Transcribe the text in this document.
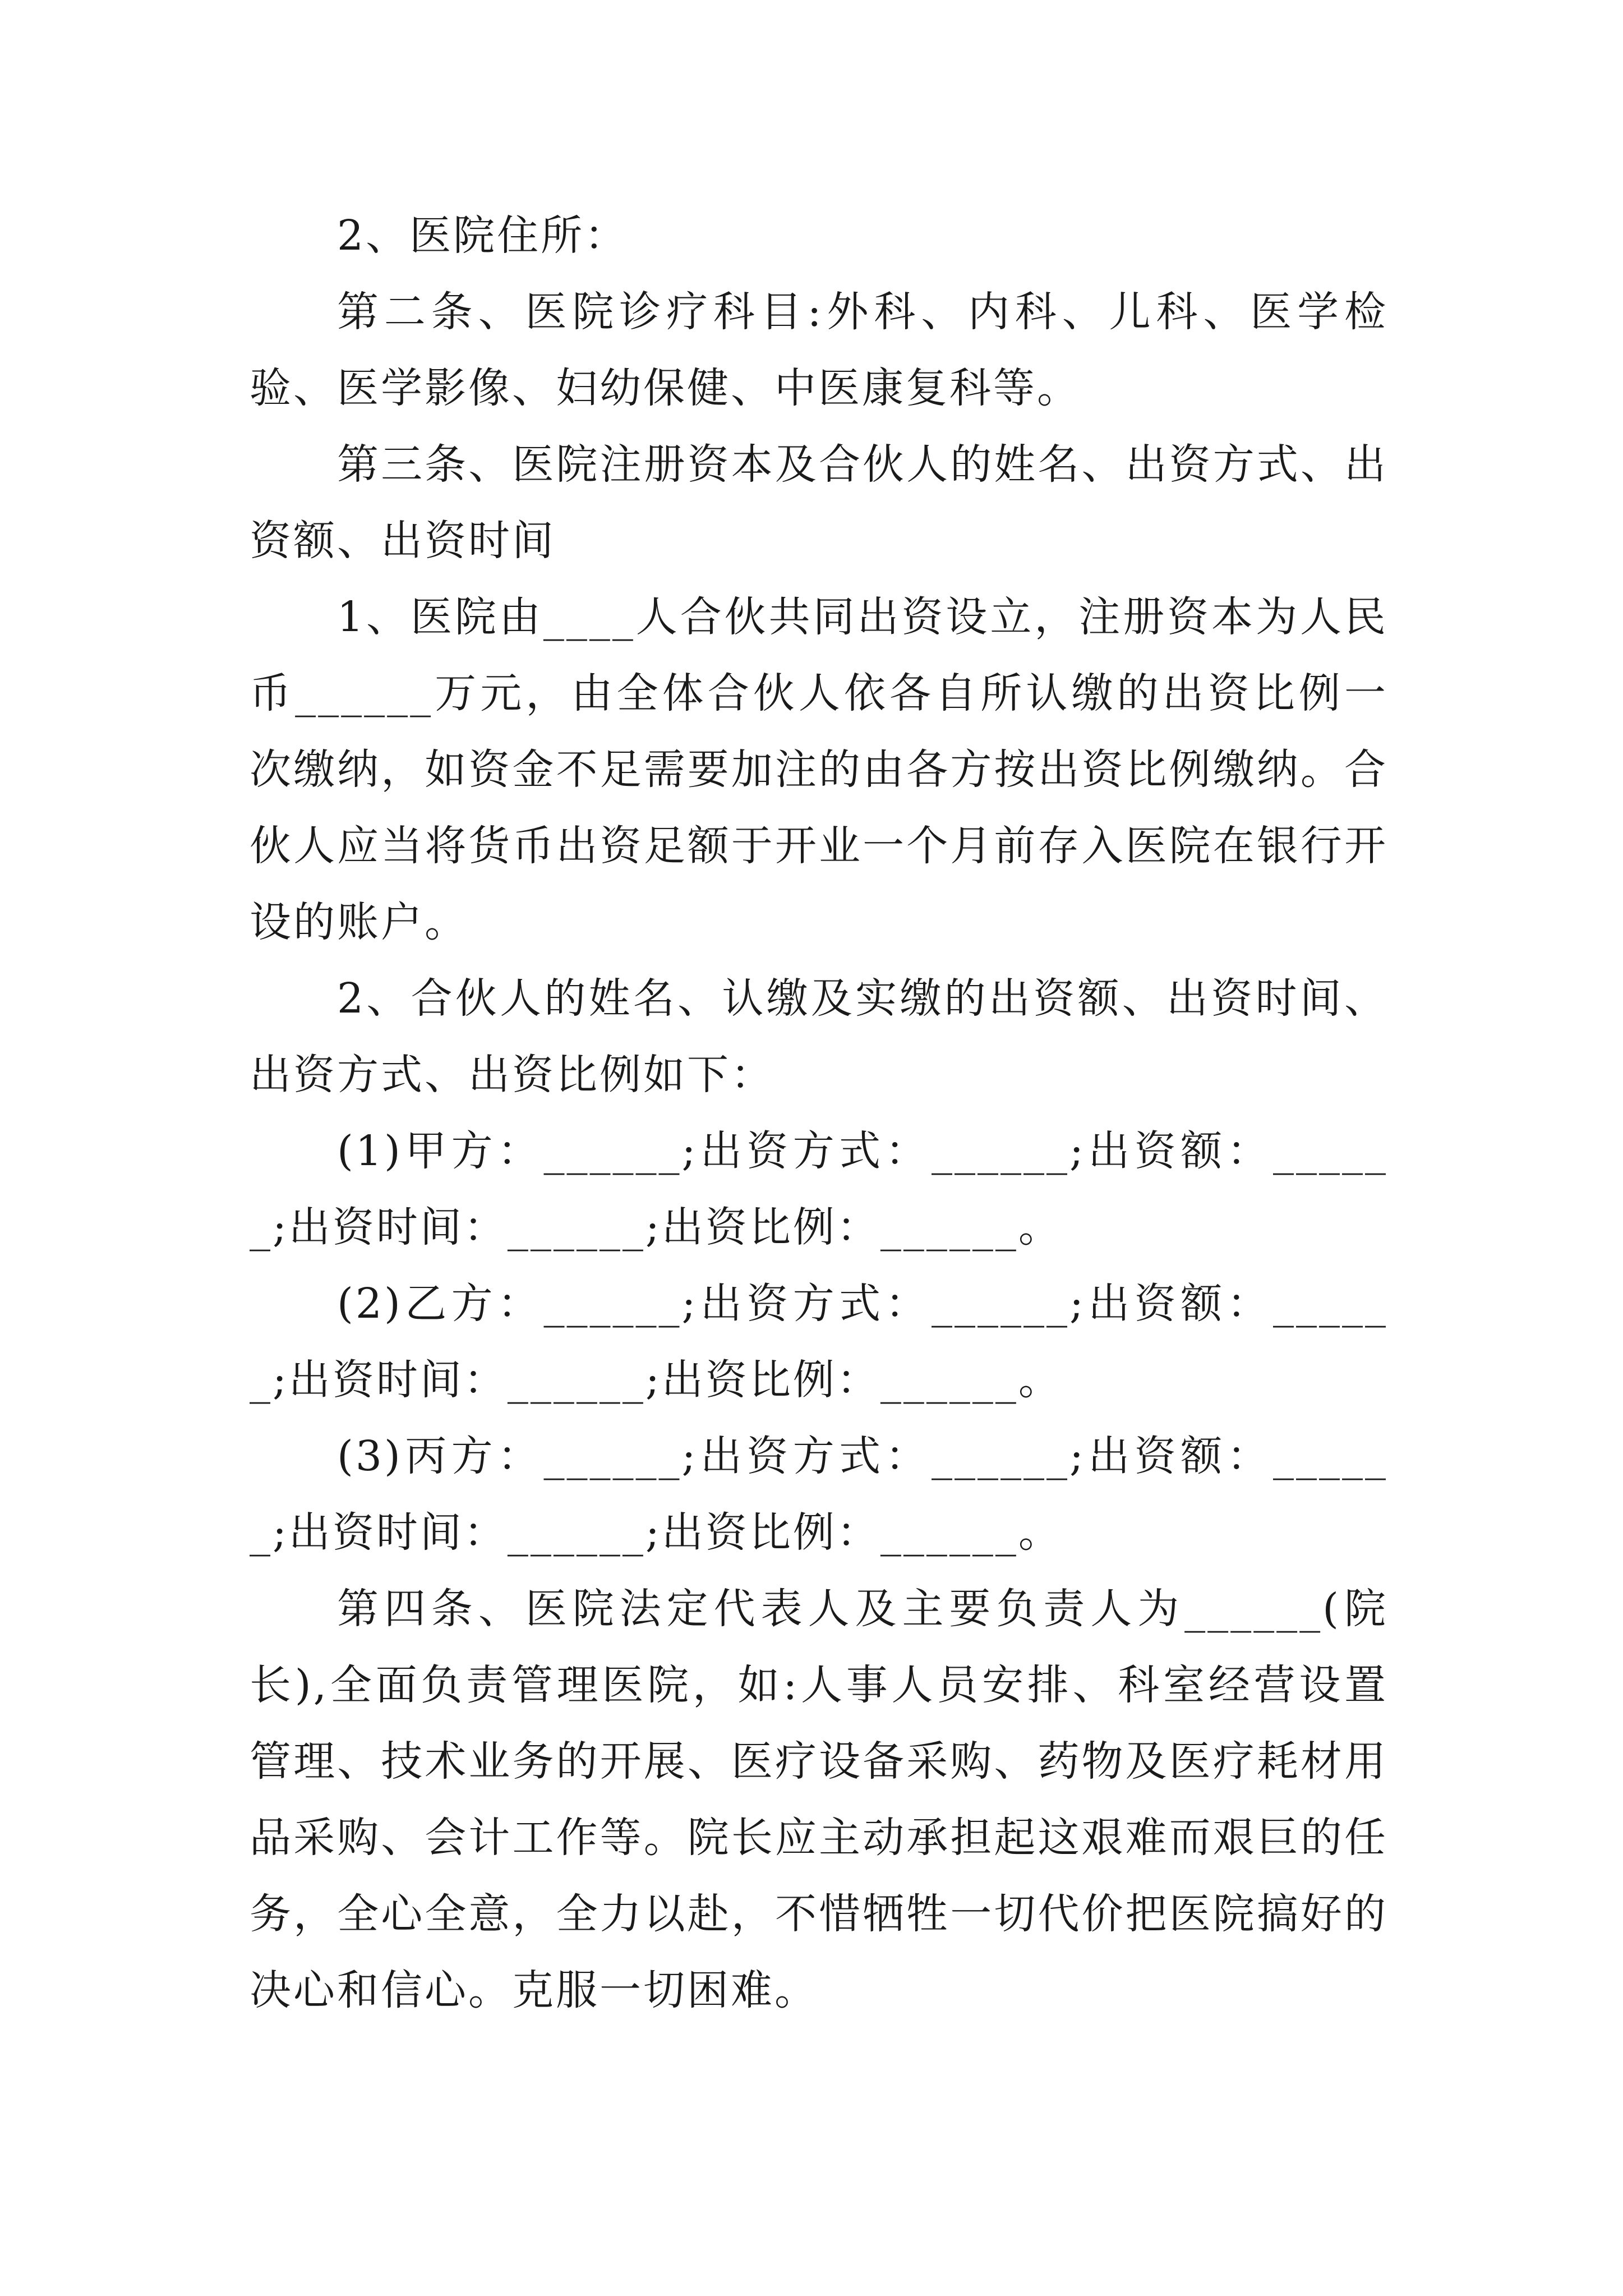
2、医院住所：

第二条、医院诊疗科目:外科、内科、儿科、医学检验、医学影像、妇幼保健、中医康复科等。

第三条、医院注册资本及合伙人的姓名、出资方式、出资额、出资时间

1、医院由____人合伙共同出资设立，注册资本为人民币______万元，由全体合伙人依各自所认缴的出资比例一次缴纳，如资金不足需要加注的由各方按出资比例缴纳。合伙人应当将货币出资足额于开业一个月前存入医院在银行开设的账户。

2、合伙人的姓名、认缴及实缴的出资额、出资时间、出资方式、出资比例如下：

(1)甲方：______;出资方式：______;出资额：______;出资时间：______;出资比例：______。

(2)乙方：______;出资方式：______;出资额：______;出资时间：______;出资比例：______。

(3)丙方：______;出资方式：______;出资额：______;出资时间：______;出资比例：______。

第四条、医院法定代表人及主要负责人为______(院长),全面负责管理医院，如:人事人员安排、科室经营设置管理、技术业务的开展、医疗设备采购、药物及医疗耗材用品采购、会计工作等。院长应主动承担起这艰难而艰巨的任务，全心全意，全力以赴，不惜牺牲一切代价把医院搞好的决心和信心。克服一切困难。
